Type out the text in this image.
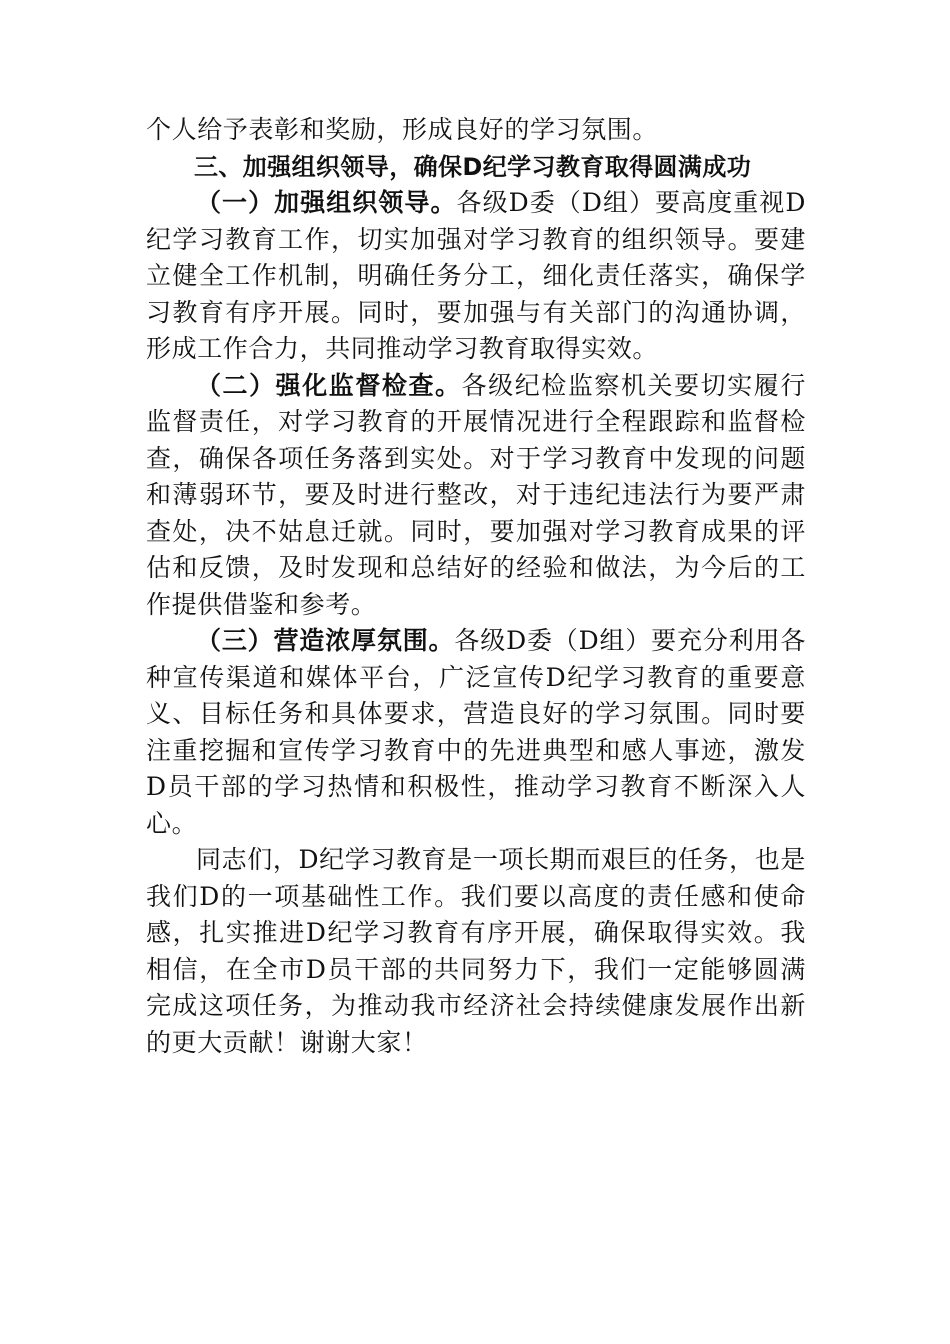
个人给予表彰和奖励，形成良好的学习氛围。

三、加强组织领导，确保D纪学习教育取得圆满成功

（一）加强组织领导。各级D委（D组）要高度重视D纪学习教育工作，切实加强对学习教育的组织领导。要建立健全工作机制，明确任务分工，细化责任落实，确保学习教育有序开展。同时，要加强与有关部门的沟通协调，形成工作合力，共同推动学习教育取得实效。

（二）强化监督检查。各级纪检监察机关要切实履行监督责任，对学习教育的开展情况进行全程跟踪和监督检查，确保各项任务落到实处。对于学习教育中发现的问题和薄弱环节，要及时进行整改，对于违纪违法行为要严肃查处，决不姑息迁就。同时，要加强对学习教育成果的评估和反馈，及时发现和总结好的经验和做法，为今后的工作提供借鉴和参考。

（三）营造浓厚氛围。各级D委（D组）要充分利用各种宣传渠道和媒体平台，广泛宣传D纪学习教育的重要意义、目标任务和具体要求，营造良好的学习氛围。同时要注重挖掘和宣传学习教育中的先进典型和感人事迹，激发D员干部的学习热情和积极性，推动学习教育不断深入人心。

同志们，D纪学习教育是一项长期而艰巨的任务，也是我们D的一项基础性工作。我们要以高度的责任感和使命感，扎实推进D纪学习教育有序开展，确保取得实效。我相信，在全市D员干部的共同努力下，我们一定能够圆满完成这项任务，为推动我市经济社会持续健康发展作出新的更大贡献！谢谢大家！
